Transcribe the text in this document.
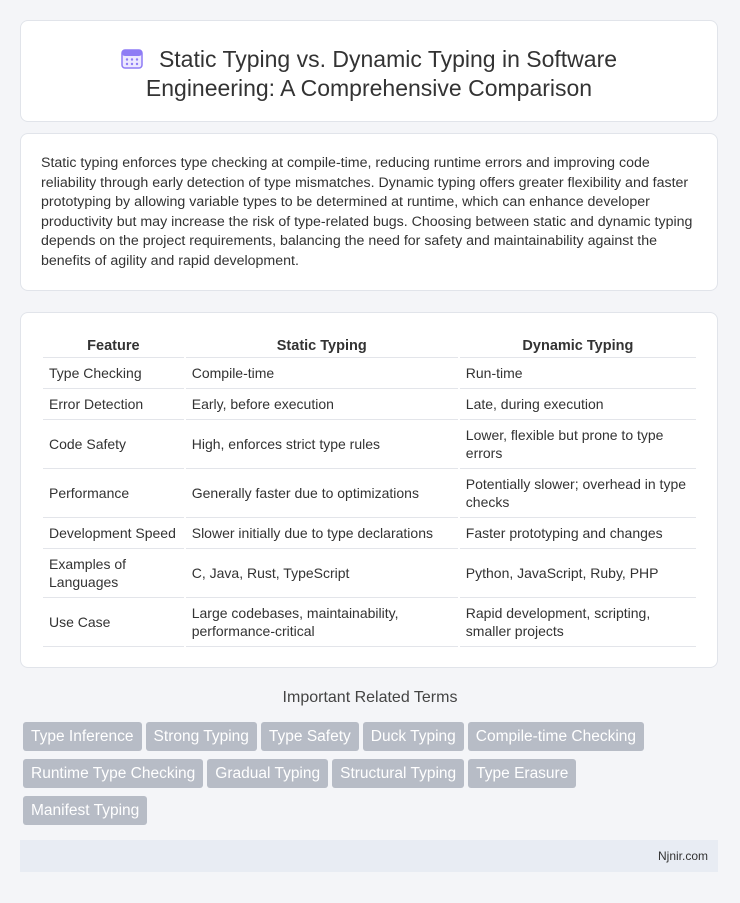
Static Typing vs. Dynamic Typing in Software
Engineering: A Comprehensive Comparison

Static typing enforces type checking at compile-time, reducing runtime errors and improving code reliability through early detection of type mismatches. Dynamic typing offers greater flexibility and faster prototyping by allowing variable types to be determined at runtime, which can enhance developer productivity but may increase the risk of type-related bugs. Choosing between static and dynamic typing depends on the project requirements, balancing the need for safety and maintainability against the benefits of agility and rapid development.

Feature	Static Typing	Dynamic Typing
Type Checking	Compile-time	Run-time
Error Detection	Early, before execution	Late, during execution
Code Safety	High, enforces strict type rules	Lower, flexible but prone to type errors
Performance	Generally faster due to optimizations	Potentially slower; overhead in type checks
Development Speed	Slower initially due to type declarations	Faster prototyping and changes
Examples of Languages	C, Java, Rust, TypeScript	Python, JavaScript, Ruby, PHP
Use Case	Large codebases, maintainability, performance-critical	Rapid development, scripting, smaller projects
Important Related Terms
Type Inference Strong Typing Type Safety Duck Typing Compile-time Checking
Runtime Type Checking Gradual Typing Structural Typing Type Erasure
Manifest Typing
Njnir.com
